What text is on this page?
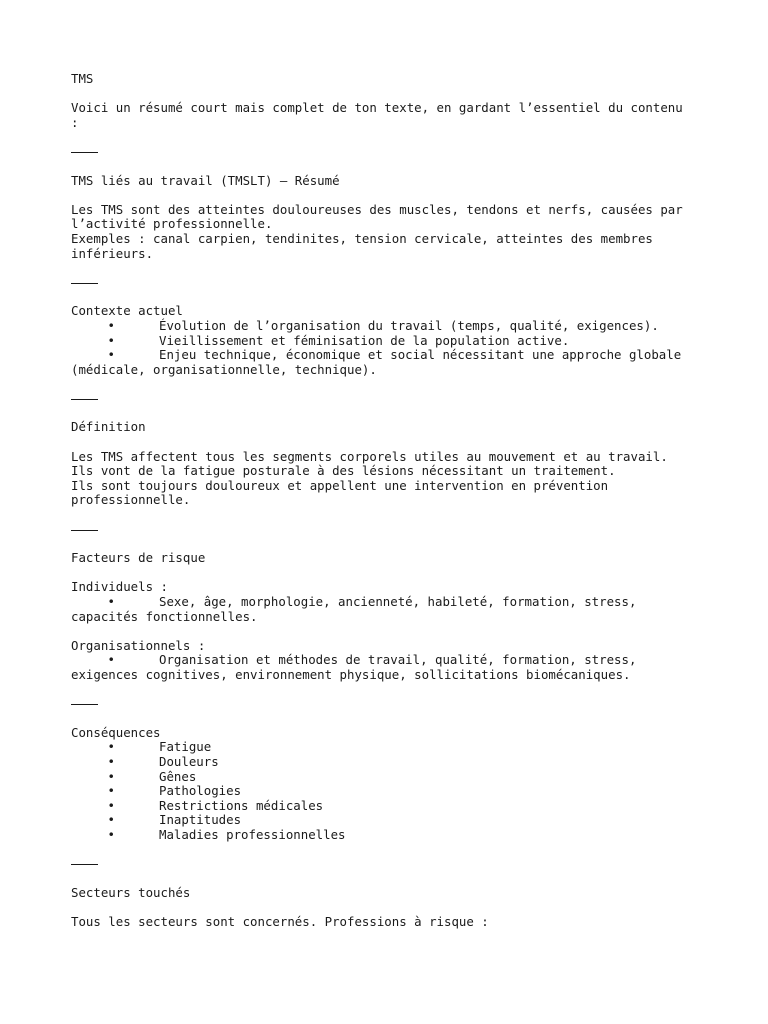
TMS
Voici un résumé court mais complet de ton texte, en gardant l’essentiel du contenu :
TMS liés au travail (TMSLT) – Résumé
Les TMS sont des atteintes douloureuses des muscles, tendons et nerfs, causées par l’activité professionnelle.
Exemples : canal carpien, tendinites, tension cervicale, atteintes des membres inférieurs.
Contexte actuel
•	Évolution de l’organisation du travail (temps, qualité, exigences).
•	Vieillissement et féminisation de la population active.
•	Enjeu technique, économique et social nécessitant une approche globale
(médicale, organisationnelle, technique).
Définition
Les TMS affectent tous les segments corporels utiles au mouvement et au travail.
Ils vont de la fatigue posturale à des lésions nécessitant un traitement.
Ils sont toujours douloureux et appellent une intervention en prévention professionnelle.
Facteurs de risque
Individuels :
•	Sexe, âge, morphologie, ancienneté, habileté, formation, stress,
capacités fonctionnelles.
Organisationnels :
•	Organisation et méthodes de travail, qualité, formation, stress,
exigences cognitives, environnement physique, sollicitations biomécaniques.
Conséquences
•	Fatigue
•	Douleurs
•	Gênes
•	Pathologies
•	Restrictions médicales
•	Inaptitudes
•	Maladies professionnelles
Secteurs touchés
Tous les secteurs sont concernés. Professions à risque :
